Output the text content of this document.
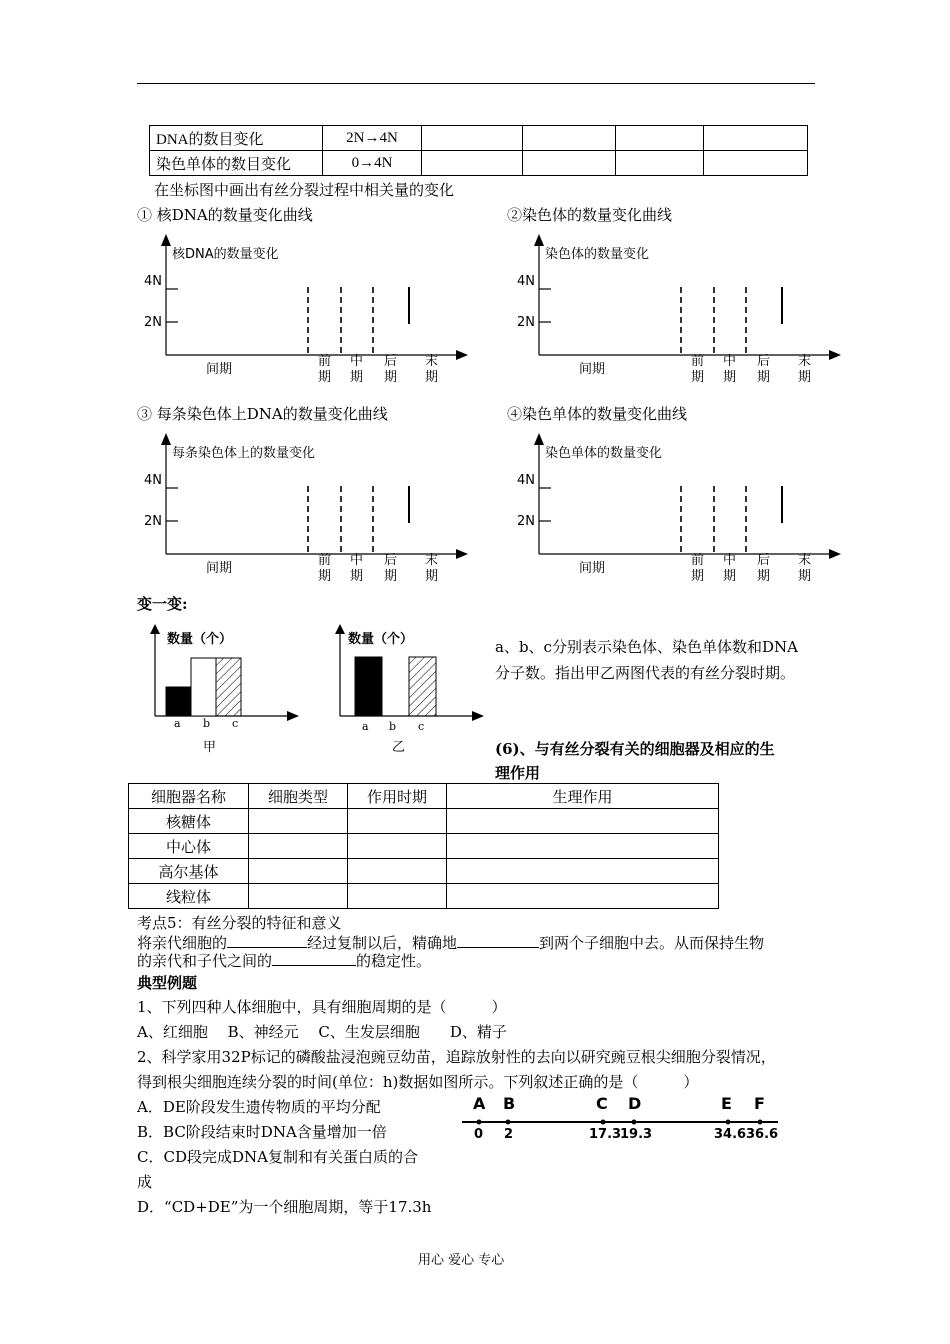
DNA的数目变化	2N→4N				
染色单体的数目变化	0→4N				
在坐标图中画出有丝分裂过程中相关量的变化
① 核DNA的数量变化曲线	②染色体的数量变化曲线
③ 每条染色体上DNA的数量变化曲线	④染色单体的数量变化曲线
核DNA的数量变化
4N
2N
间期
前
期
中
期
后
期
末
期
染色体的数量变化
4N
2N
间期
前
期
中
期
后
期
末
期
每条染色体上的数量变化
4N
2N
间期
前
期
中
期
后
期
末
期
染色单体的数量变化
4N
2N
间期
前
期
中
期
后
期
末
期
变一变:
数量（个）
a b c
甲
数量（个）
a b c
乙
a、b、c分别表示染色体、染色单体数和DNA
分子数。指出甲乙两图代表的有丝分裂时期。
(6)、与有丝分裂有关的细胞器及相应的生
理作用
细胞器名称	细胞类型	作用时期	生理作用
核糖体			
中心体			
高尔基体			
线粒体			
考点5：有丝分裂的特征和意义
将亲代细胞的	经过复制以后，精确地	到两个子细胞中去。从而保持生物
的亲代和子代之间的	的稳定性。
典型例题
1、下列四种人体细胞中，具有细胞周期的是（　　　）
A、红细胞　 B、神经元　 C、生发层细胞　　D、精子
2、科学家用32P标记的磷酸盐浸泡豌豆幼苗，追踪放射性的去向以研究豌豆根尖细胞分裂情况，
得到根尖细胞连续分裂的时间(单位：h)数据如图所示。下列叙述正确的是（　　　）
A．DE阶段发生遗传物质的平均分配
B．BC阶段结束时DNA含量增加一倍
C．CD段完成DNA复制和有关蛋白质的合
成
D．“CD+DE”为一个细胞周期，等于17.3h
A B	C D	E F
0 2	17.3
19.3	34.6 36.6
用心 爱心 专心
